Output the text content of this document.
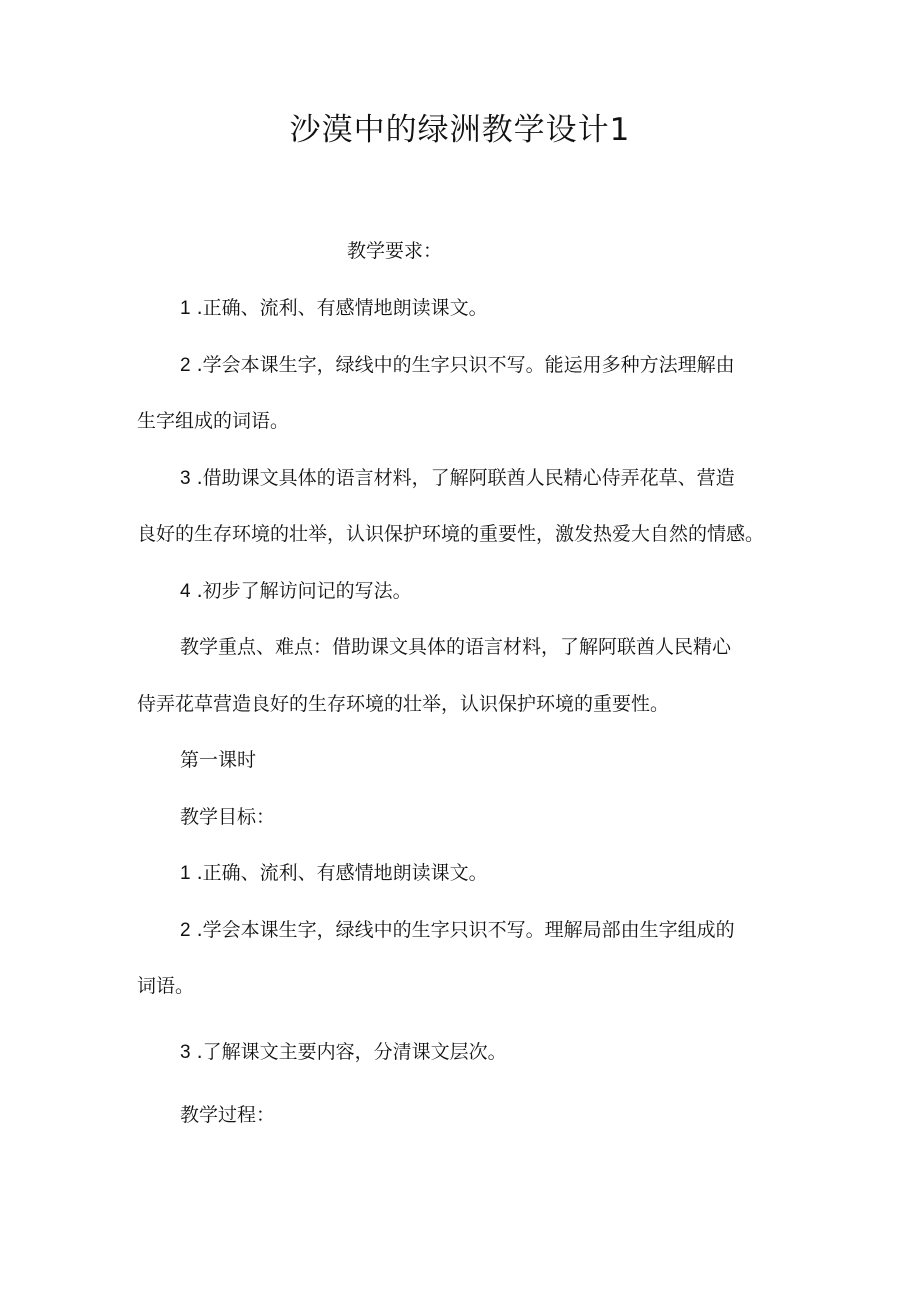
沙漠中的绿洲教学设计1
教学要求：
1 .正确、流利、有感情地朗读课文。
2 .学会本课生字，绿线中的生字只识不写。能运用多种方法理解由
生字组成的词语。
3 .借助课文具体的语言材料，了解阿联酋人民精心侍弄花草、营造
良好的生存环境的壮举，认识保护环境的重要性，激发热爱大自然的情感。
4 .初步了解访问记的写法。
教学重点、难点：借助课文具体的语言材料，了解阿联酋人民精心
侍弄花草营造良好的生存环境的壮举，认识保护环境的重要性。
第一课时
教学目标：
1 .正确、流利、有感情地朗读课文。
2 .学会本课生字，绿线中的生字只识不写。理解局部由生字组成的
词语。
3 .了解课文主要内容，分清课文层次。
教学过程：
